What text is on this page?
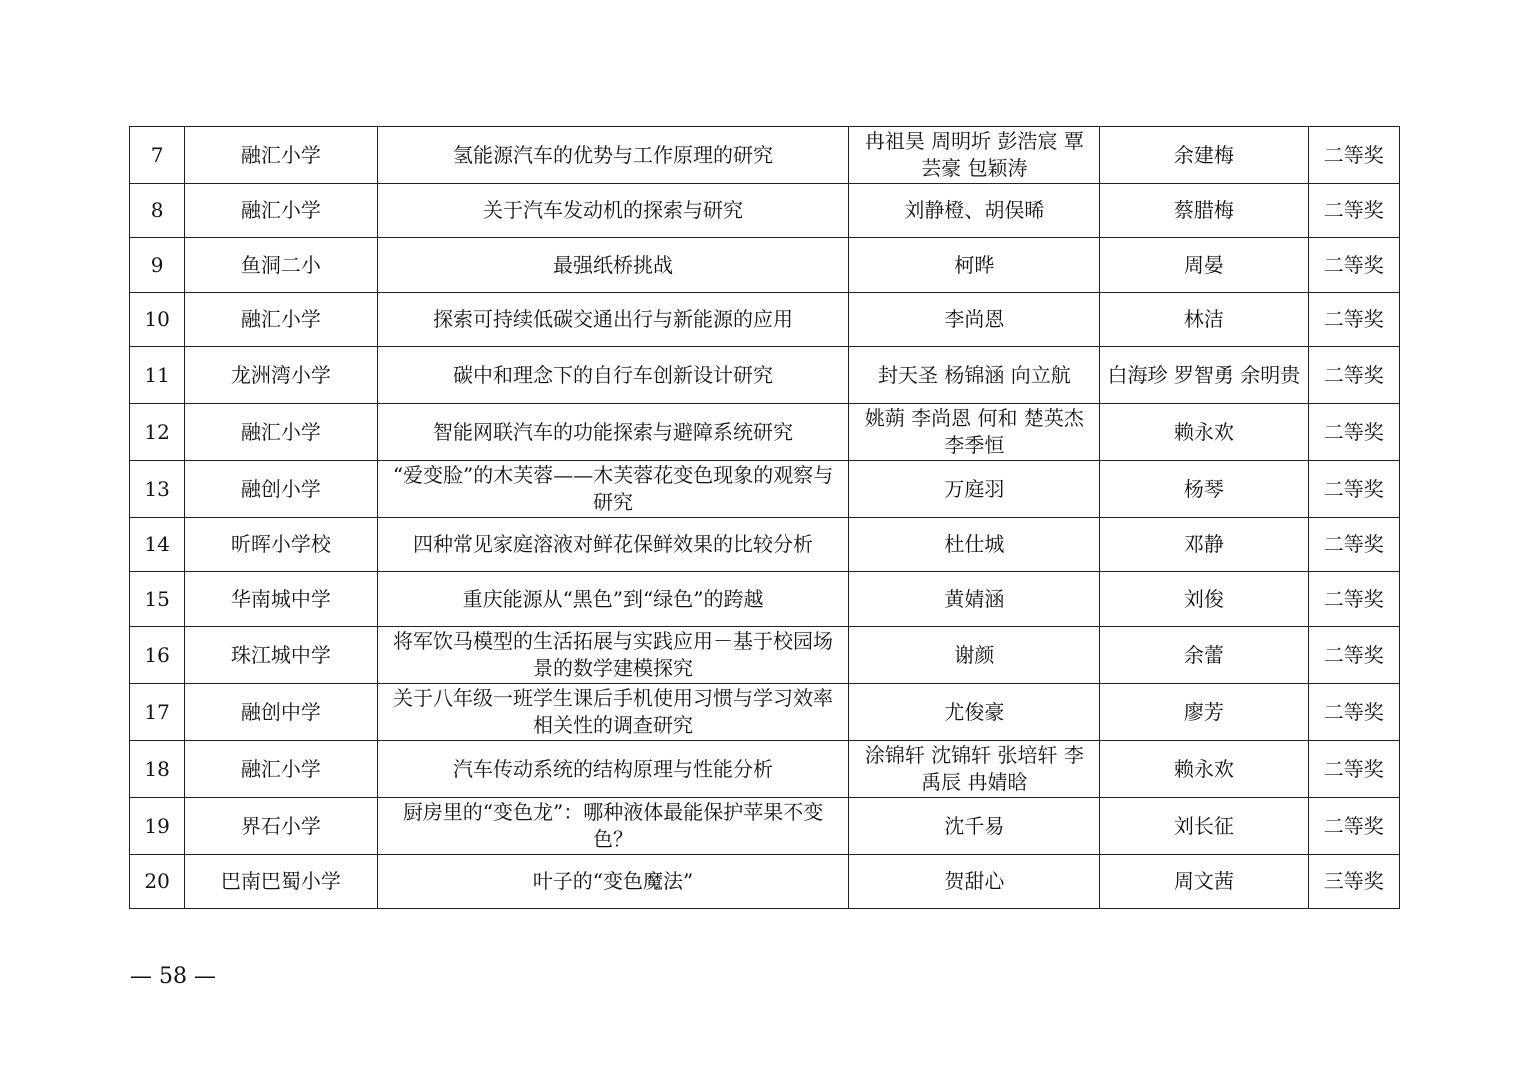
7	融汇小学	氢能源汽车的优势与工作原理的研究	冉祖昊 周明圻 彭浩宸 覃芸豪 包颖涛	余建梅	二等奖
8	融汇小学	关于汽车发动机的探索与研究	刘静橙、胡俣晞	蔡腊梅	二等奖
9	鱼洞二小	最强纸桥挑战	柯晔	周晏	二等奖
10	融汇小学	探索可持续低碳交通出行与新能源的应用	李尚恩	林洁	二等奖
11	龙洲湾小学	碳中和理念下的自行车创新设计研究	封天圣 杨锦涵 向立航	白海珍 罗智勇 余明贵	二等奖
12	融汇小学	智能网联汽车的功能探索与避障系统研究	姚蒴 李尚恩 何和 楚英杰 李季恒	赖永欢	二等奖
13	融创小学	“爱变脸”的木芙蓉——木芙蓉花变色现象的观察与研究	万庭羽	杨琴	二等奖
14	昕晖小学校	四种常见家庭溶液对鲜花保鲜效果的比较分析	杜仕城	邓静	二等奖
15	华南城中学	重庆能源从“黑色”到“绿色”的跨越	黄婧涵	刘俊	二等奖
16	珠江城中学	将军饮马模型的生活拓展与实践应用－基于校园场景的数学建模探究	谢颜	余蕾	二等奖
17	融创中学	关于八年级一班学生课后手机使用习惯与学习效率相关性的调查研究	尤俊豪	廖芳	二等奖
18	融汇小学	汽车传动系统的结构原理与性能分析	涂锦轩 沈锦轩 张培轩 李禹辰 冉婧晗	赖永欢	二等奖
19	界石小学	厨房里的“变色龙”：哪种液体最能保护苹果不变色？	沈千易	刘长征	二等奖
20	巴南巴蜀小学	叶子的“变色魔法”	贺甜心	周文茜	三等奖
— 58 —
